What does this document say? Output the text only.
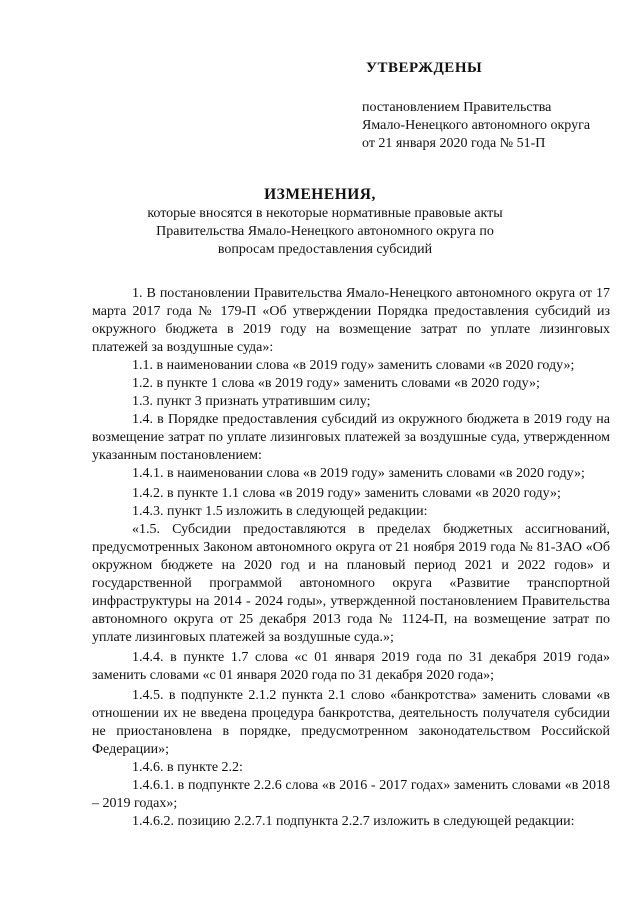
УТВЕРЖДЕНЫ
постановлением Правительства
Ямало-Ненецкого автономного округа
от 21 января 2020 года № 51-П
ИЗМЕНЕНИЯ,
которые вносятся в некоторые нормативные правовые акты Правительства Ямало-Ненецкого автономного округа по вопросам предоставления субсидий

1. В постановлении Правительства Ямало-Ненецкого автономного округа от 17 марта 2017 года № 179-П «Об утверждении Порядка предоставления субсидий из окружного бюджета в 2019 году на возмещение затрат по уплате лизинговых платежей за воздушные суда»:

1.1. в наименовании слова «в 2019 году» заменить словами «в 2020 году»;

1.2. в пункте 1 слова «в 2019 году» заменить словами «в 2020 году»;

1.3. пункт 3 признать утратившим силу;

1.4. в Порядке предоставления субсидий из окружного бюджета в 2019 году на возмещение затрат по уплате лизинговых платежей за воздушные суда, утвержденном указанным постановлением:

1.4.1. в наименовании слова «в 2019 году» заменить словами «в 2020 году»;

1.4.2. в пункте 1.1 слова «в 2019 году» заменить словами «в 2020 году»;

1.4.3. пункт 1.5 изложить в следующей редакции:

«1.5. Субсидии предоставляются в пределах бюджетных ассигнований, предусмотренных Законом автономного округа от 21 ноября 2019 года № 81-ЗАО «Об окружном бюджете на 2020 год и на плановый период 2021 и 2022 годов» и государственной программой автономного округа «Развитие транспортной инфраструктуры на 2014 - 2024 годы», утвержденной постановлением Правительства автономного округа от 25 декабря 2013 года № 1124-П, на возмещение затрат по уплате лизинговых платежей за воздушные суда.»;

1.4.4. в пункте 1.7 слова «с 01 января 2019 года по 31 декабря 2019 года» заменить словами «с 01 января 2020 года по 31 декабря 2020 года»;

1.4.5. в подпункте 2.1.2 пункта 2.1 слово «банкротства» заменить словами «в отношении их не введена процедура банкротства, деятельность получателя субсидии не приостановлена в порядке, предусмотренном законодательством Российской Федерации»;

1.4.6. в пункте 2.2:

1.4.6.1. в подпункте 2.2.6 слова «в 2016 - 2017 годах» заменить словами «в 2018 – 2019 годах»;

1.4.6.2. позицию 2.2.7.1 подпункта 2.2.7 изложить в следующей редакции:
